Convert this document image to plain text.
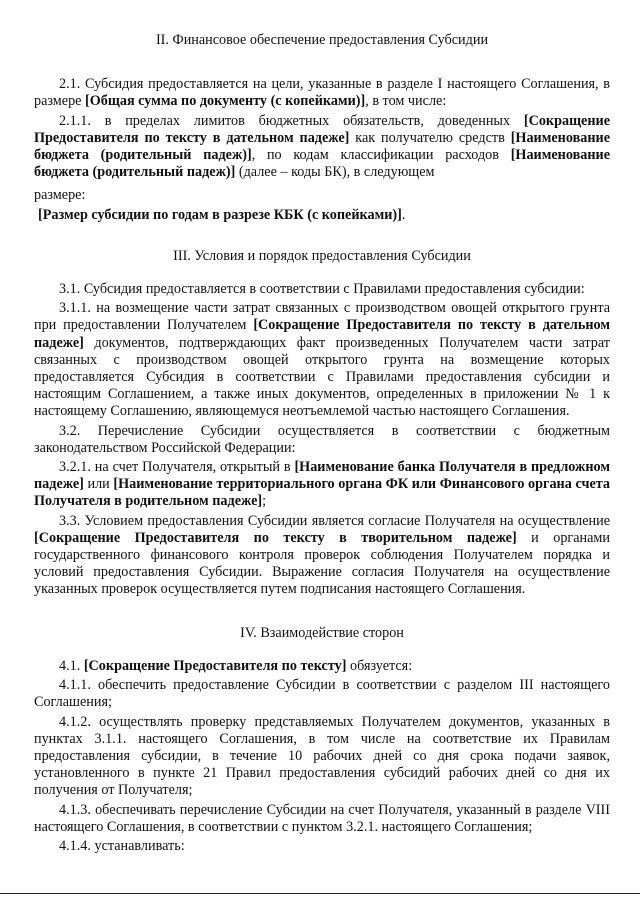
II. Финансовое обеспечение предоставления Субсидии

2.1. Субсидия предоставляется на цели, указанные в разделе I настоящего Соглашения, в размере [Общая сумма по документу (с копейками)], в том числе:

2.1.1. в пределах лимитов бюджетных обязательств, доведенных [Сокращение Предоставителя по тексту в дательном падеже] как получателю средств [Наименование бюджета (родительный падеж)], по кодам классификации расходов [Наименование бюджета (родительный падеж)] (далее – коды БК), в следующем

размере:

[Размер субсидии по годам в разрезе КБК (с копейками)].

III. Условия и порядок предоставления Субсидии

3.1. Субсидия предоставляется в соответствии с Правилами предоставления субсидии:

3.1.1. на возмещение части затрат связанных с производством овощей открытого грунта при предоставлении Получателем [Сокращение Предоставителя по тексту в дательном падеже] документов, подтверждающих факт произведенных Получателем части затрат связанных с производством овощей открытого грунта на возмещение которых предоставляется Субсидия в соответствии с Правилами предоставления субсидии и настоящим Соглашением, а также иных документов, определенных в приложении № 1 к настоящему Соглашению, являющемуся неотъемлемой частью настоящего Соглашения.

3.2. Перечисление Субсидии осуществляется в соответствии с бюджетным законодательством Российской Федерации:

3.2.1. на счет Получателя, открытый в [Наименование банка Получателя в предложном падеже] или [Наименование территориального органа ФК или Финансового органа счета Получателя в родительном падеже];

3.3. Условием предоставления Субсидии является согласие Получателя на осуществление [Сокращение Предоставителя по тексту в творительном падеже] и органами государственного финансового контроля проверок соблюдения Получателем порядка и условий предоставления Субсидии. Выражение согласия Получателя на осуществление указанных проверок осуществляется путем подписания настоящего Соглашения.

IV. Взаимодействие сторон

4.1. [Сокращение Предоставителя по тексту] обязуется:

4.1.1. обеспечить предоставление Субсидии в соответствии с разделом III настоящего Соглашения;

4.1.2. осуществлять проверку представляемых Получателем документов, указанных в пунктах 3.1.1. настоящего Соглашения, в том числе на соответствие их Правилам предоставления субсидии, в течение 10 рабочих дней со дня срока подачи заявок, установленного в пункте 21 Правил предоставления субсидий рабочих дней со дня их получения от Получателя;

4.1.3. обеспечивать перечисление Субсидии на счет Получателя, указанный в разделе VIII настоящего Соглашения, в соответствии с пунктом 3.2.1. настоящего Соглашения;

4.1.4. устанавливать:
